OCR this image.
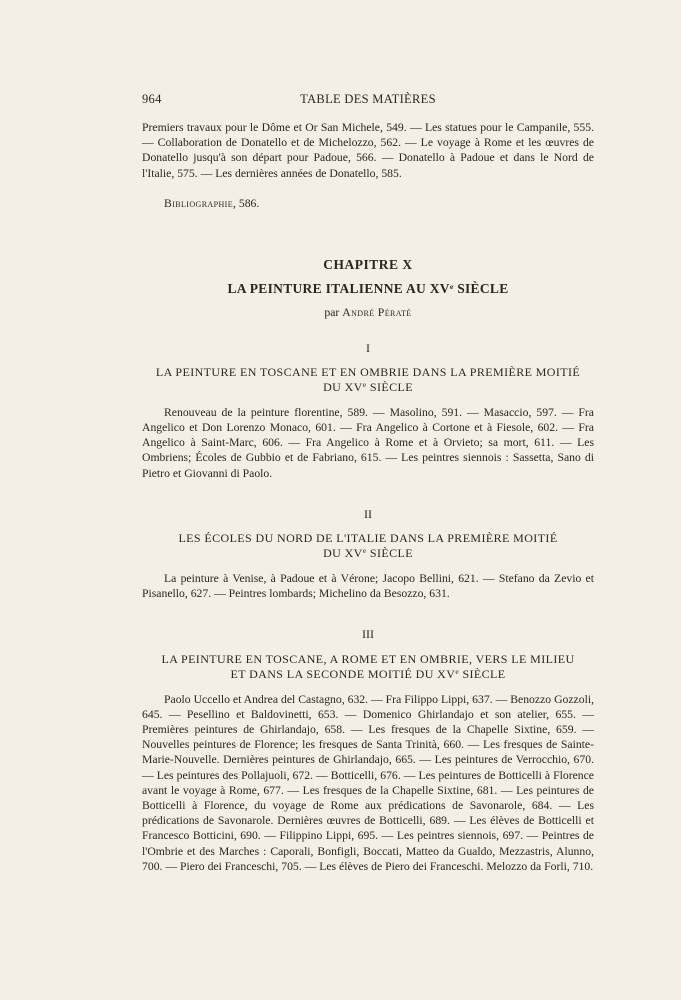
964	TABLE DES MATIÈRES

Premiers travaux pour le Dôme et Or San Michele, 549. — Les statues pour le Campanile, 555. — Collaboration de Donatello et de Michelozzo, 562. — Le voyage à Rome et les œuvres de Donatello jusqu'à son départ pour Padoue, 566. — Donatello à Padoue et dans le Nord de l'Italie, 575. — Les dernières années de Donatello, 585.

Bibliographie, 586.

CHAPITRE X
LA PEINTURE ITALIENNE AU XVe SIÈCLE
par André Pératé
I
LA PEINTURE EN TOSCANE ET EN OMBRIE DANS LA PREMIÈRE MOITIÉ
DU XVe SIÈCLE

Renouveau de la peinture florentine, 589. — Masolino, 591. — Masaccio, 597. — Fra Angelico et Don Lorenzo Monaco, 601. — Fra Angelico à Cortone et à Fiesole, 602. — Fra Angelico à Saint-Marc, 606. — Fra Angelico à Rome et à Orvieto; sa mort, 611. — Les Ombriens; Écoles de Gubbio et de Fabriano, 615. — Les peintres siennois : Sassetta, Sano di Pietro et Giovanni di Paolo.

II
LES ÉCOLES DU NORD DE L'ITALIE DANS LA PREMIÈRE MOITIÉ
DU XVe SIÈCLE

La peinture à Venise, à Padoue et à Vérone; Jacopo Bellini, 621. — Stefano da Zevio et Pisanello, 627. — Peintres lombards; Michelino da Besozzo, 631.

III
LA PEINTURE EN TOSCANE, A ROME ET EN OMBRIE, VERS LE MILIEU
ET DANS LA SECONDE MOITIÉ DU XVe SIÈCLE

Paolo Uccello et Andrea del Castagno, 632. — Fra Filippo Lippi, 637. — Benozzo Gozzoli, 645. — Pesellino et Baldovinetti, 653. — Domenico Ghirlandajo et son atelier, 655. — Premières peintures de Ghirlandajo, 658. — Les fresques de la Chapelle Sixtine, 659. — Nouvelles peintures de Florence; les fresques de Santa Trinità, 660. — Les fresques de Sainte-Marie-Nouvelle. Dernières peintures de Ghirlandajo, 665. — Les peintures de Verrocchio, 670. — Les peintures des Pollajuoli, 672. — Botticelli, 676. — Les peintures de Botticelli à Florence avant le voyage à Rome, 677. — Les fresques de la Chapelle Sixtine, 681. — Les peintures de Botticelli à Florence, du voyage de Rome aux prédications de Savonarole, 684. — Les prédications de Savonarole. Dernières œuvres de Botticelli, 689. — Les élèves de Botticelli et Francesco Botticini, 690. — Filippino Lippi, 695. — Les peintres siennois, 697. — Peintres de l'Ombrie et des Marches : Caporali, Bonfigli, Boccati, Matteo da Gualdo, Mezzastris, Alunno, 700. — Piero dei Franceschi, 705. — Les élèves de Piero dei Franceschi. Melozzo da Forli, 710.
